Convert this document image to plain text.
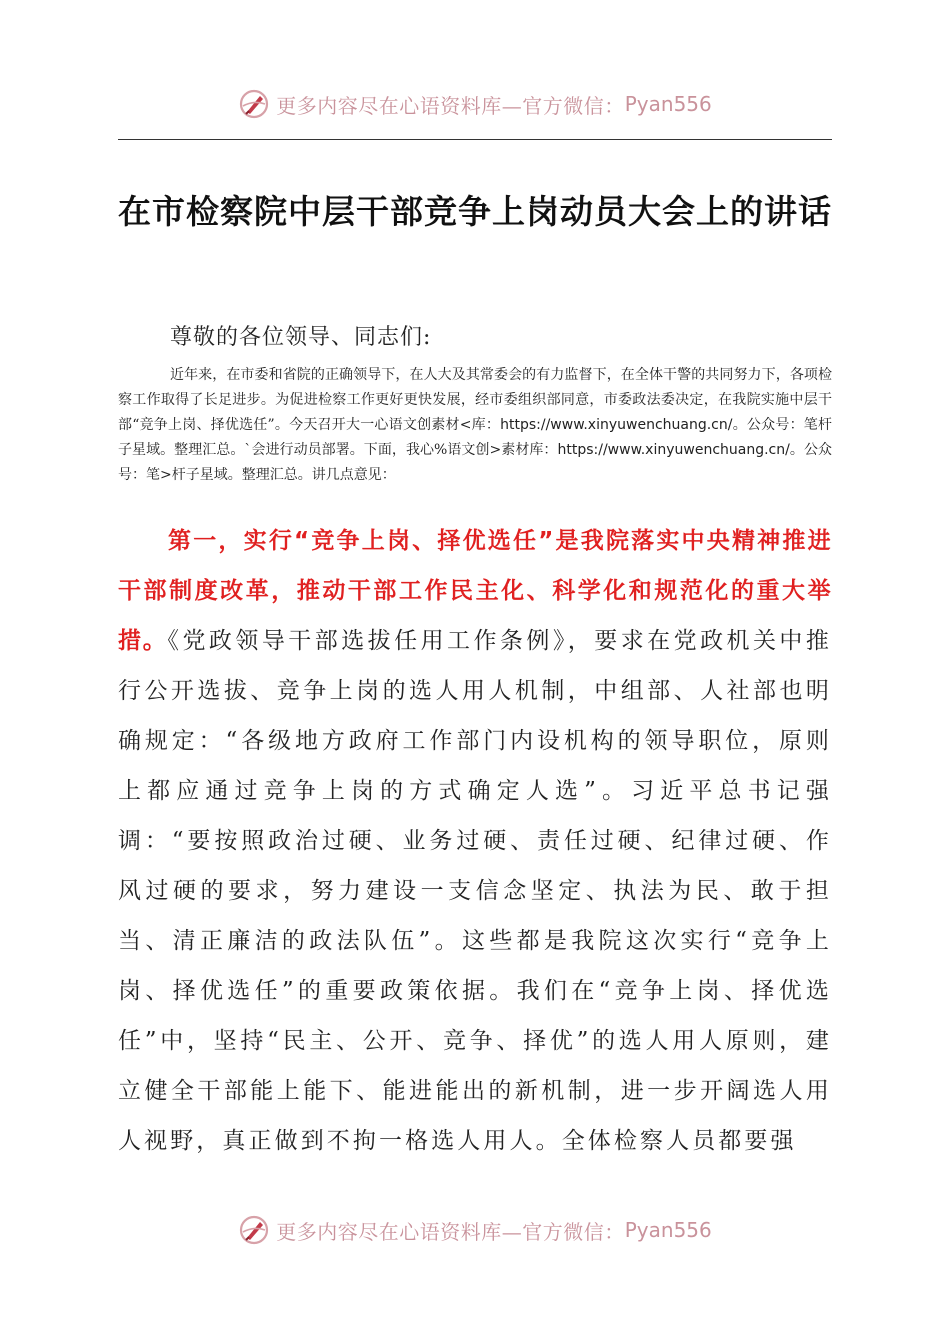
更多内容尽在心语资料库—官方微信： Pyan556
在市检察院中层干部竞争上岗动员大会上的讲话
尊敬的各位领导、同志们:

近年来，在市委和省院的正确领导下，在人大及其常委会的有力监督下，在全体干警的共同努力下，各项检察工作取得了长足进步。为促进检察工作更好更快发展，经市委组织部同意，市委政法委决定，在我院实施中层干部“竞争上岗、择优选任”。今天召开大一心语文创素材<库：https://www.xinyuwenchuang.cn/。公众号：笔杆子星域。整理汇总。`会进行动员部署。下面，我心%语文创>素材库：https://www.xinyuwenchuang.cn/。公众号：笔>杆子星域。整理汇总。讲几点意见：

第一，实行“竞争上岗、择优选任”是我院落实中央精神推进干部制度改革，推动干部工作民主化、科学化和规范化的重大举措。《党政领导干部选拔任用工作条例》，要求在党政机关中推行公开选拔、竞争上岗的选人用人机制，中组部、人社部也明确规定：“各级地方政府工作部门内设机构的领导职位，原则上都应通过竞争上岗的方式确定人选”。习近平总书记强调：“要按照政治过硬、业务过硬、责任过硬、纪律过硬、作风过硬的要求，努力建设一支信念坚定、执法为民、敢于担当、清正廉洁的政法队伍”。这些都是我院这次实行“竞争上岗、择优选任”的重要政策依据。我们在“竞争上岗、择优选任”中，坚持“民主、公开、竞争、择优”的选人用人原则，建立健全干部能上能下、能进能出的新机制，进一步开阔选人用人视野，真正做到不拘一格选人用人。全体检察人员都要强

更多内容尽在心语资料库—官方微信： Pyan556
